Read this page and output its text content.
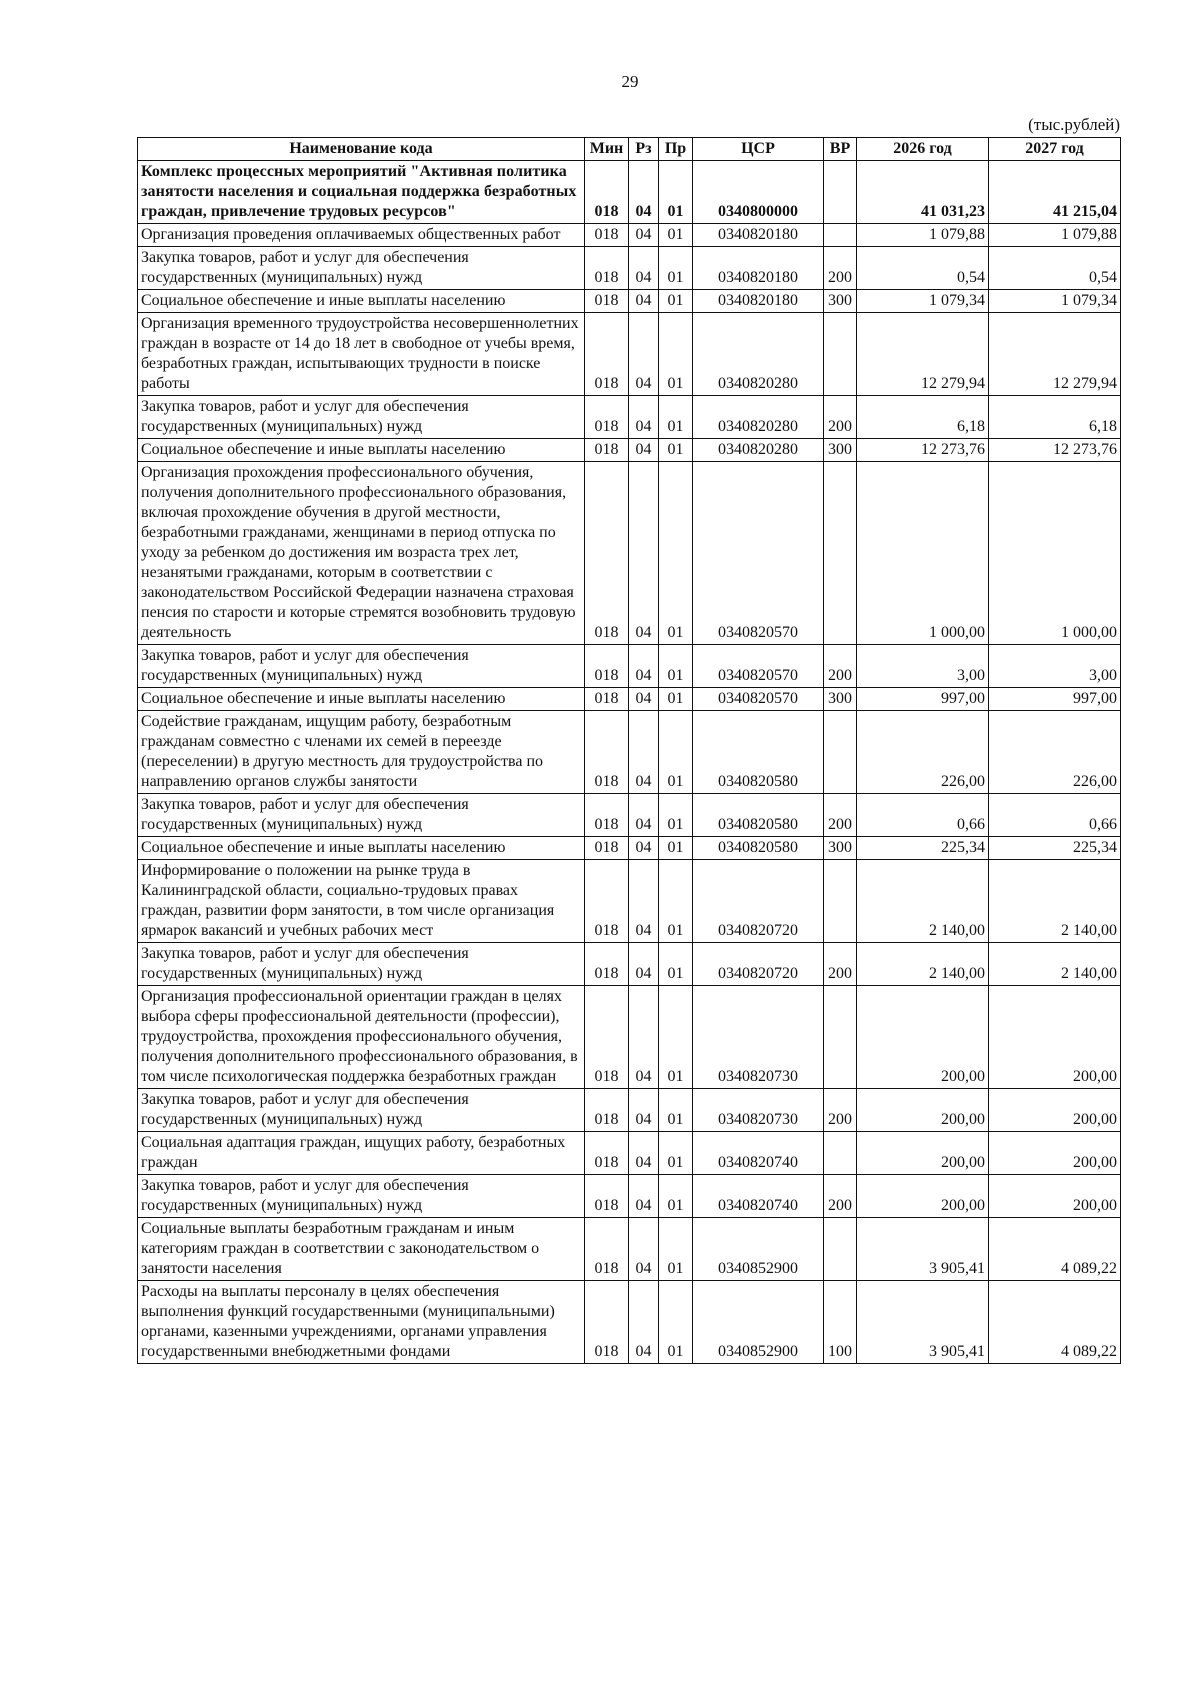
29
(тыс.рублей)
Наименование кода	Мин	Рз	Пр	ЦСР	ВР	2026 год	2027 год
Комплекс процессных мероприятий "Активная политика занятости населения и социальная поддержка безработных граждан, привлечение трудовых ресурсов"	018	04	01	0340800000		41 031,23	41 215,04
Организация проведения оплачиваемых общественных работ	018	04	01	0340820180		1 079,88	1 079,88
Закупка товаров, работ и услуг для обеспечения государственных (муниципальных) нужд	018	04	01	0340820180	200	0,54	0,54
Социальное обеспечение и иные выплаты населению	018	04	01	0340820180	300	1 079,34	1 079,34
Организация временного трудоустройства несовершеннолетних граждан в возрасте от 14 до 18 лет в свободное от учебы время, безработных граждан, испытывающих трудности в поиске работы	018	04	01	0340820280		12 279,94	12 279,94
Закупка товаров, работ и услуг для обеспечения государственных (муниципальных) нужд	018	04	01	0340820280	200	6,18	6,18
Социальное обеспечение и иные выплаты населению	018	04	01	0340820280	300	12 273,76	12 273,76
Организация прохождения профессионального обучения, получения дополнительного профессионального образования, включая прохождение обучения в другой местности, безработными гражданами, женщинами в период отпуска по уходу за ребенком до достижения им возраста трех лет, незанятыми гражданами, которым в соответствии с законодательством Российской Федерации назначена страховая пенсия по старости и которые стремятся возобновить трудовую деятельность	018	04	01	0340820570		1 000,00	1 000,00
Закупка товаров, работ и услуг для обеспечения государственных (муниципальных) нужд	018	04	01	0340820570	200	3,00	3,00
Социальное обеспечение и иные выплаты населению	018	04	01	0340820570	300	997,00	997,00
Содействие гражданам, ищущим работу, безработным гражданам совместно с членами их семей в переезде (переселении) в другую местность для трудоустройства по направлению органов службы занятости	018	04	01	0340820580		226,00	226,00
Закупка товаров, работ и услуг для обеспечения государственных (муниципальных) нужд	018	04	01	0340820580	200	0,66	0,66
Социальное обеспечение и иные выплаты населению	018	04	01	0340820580	300	225,34	225,34
Информирование о положении на рынке труда в Калининградской области, социально-трудовых правах граждан, развитии форм занятости, в том числе организация ярмарок вакансий и учебных рабочих мест	018	04	01	0340820720		2 140,00	2 140,00
Закупка товаров, работ и услуг для обеспечения государственных (муниципальных) нужд	018	04	01	0340820720	200	2 140,00	2 140,00
Организация профессиональной ориентации граждан в целях выбора сферы профессиональной деятельности (профессии), трудоустройства, прохождения профессионального обучения, получения дополнительного профессионального образования, в том числе психологическая поддержка безработных граждан	018	04	01	0340820730		200,00	200,00
Закупка товаров, работ и услуг для обеспечения государственных (муниципальных) нужд	018	04	01	0340820730	200	200,00	200,00
Социальная адаптация граждан, ищущих работу, безработных граждан	018	04	01	0340820740		200,00	200,00
Закупка товаров, работ и услуг для обеспечения государственных (муниципальных) нужд	018	04	01	0340820740	200	200,00	200,00
Социальные выплаты безработным гражданам и иным категориям граждан в соответствии с законодательством о занятости населения	018	04	01	0340852900		3 905,41	4 089,22
Расходы на выплаты персоналу в целях обеспечения выполнения функций государственными (муниципальными) органами, казенными учреждениями, органами управления государственными внебюджетными фондами	018	04	01	0340852900	100	3 905,41	4 089,22
